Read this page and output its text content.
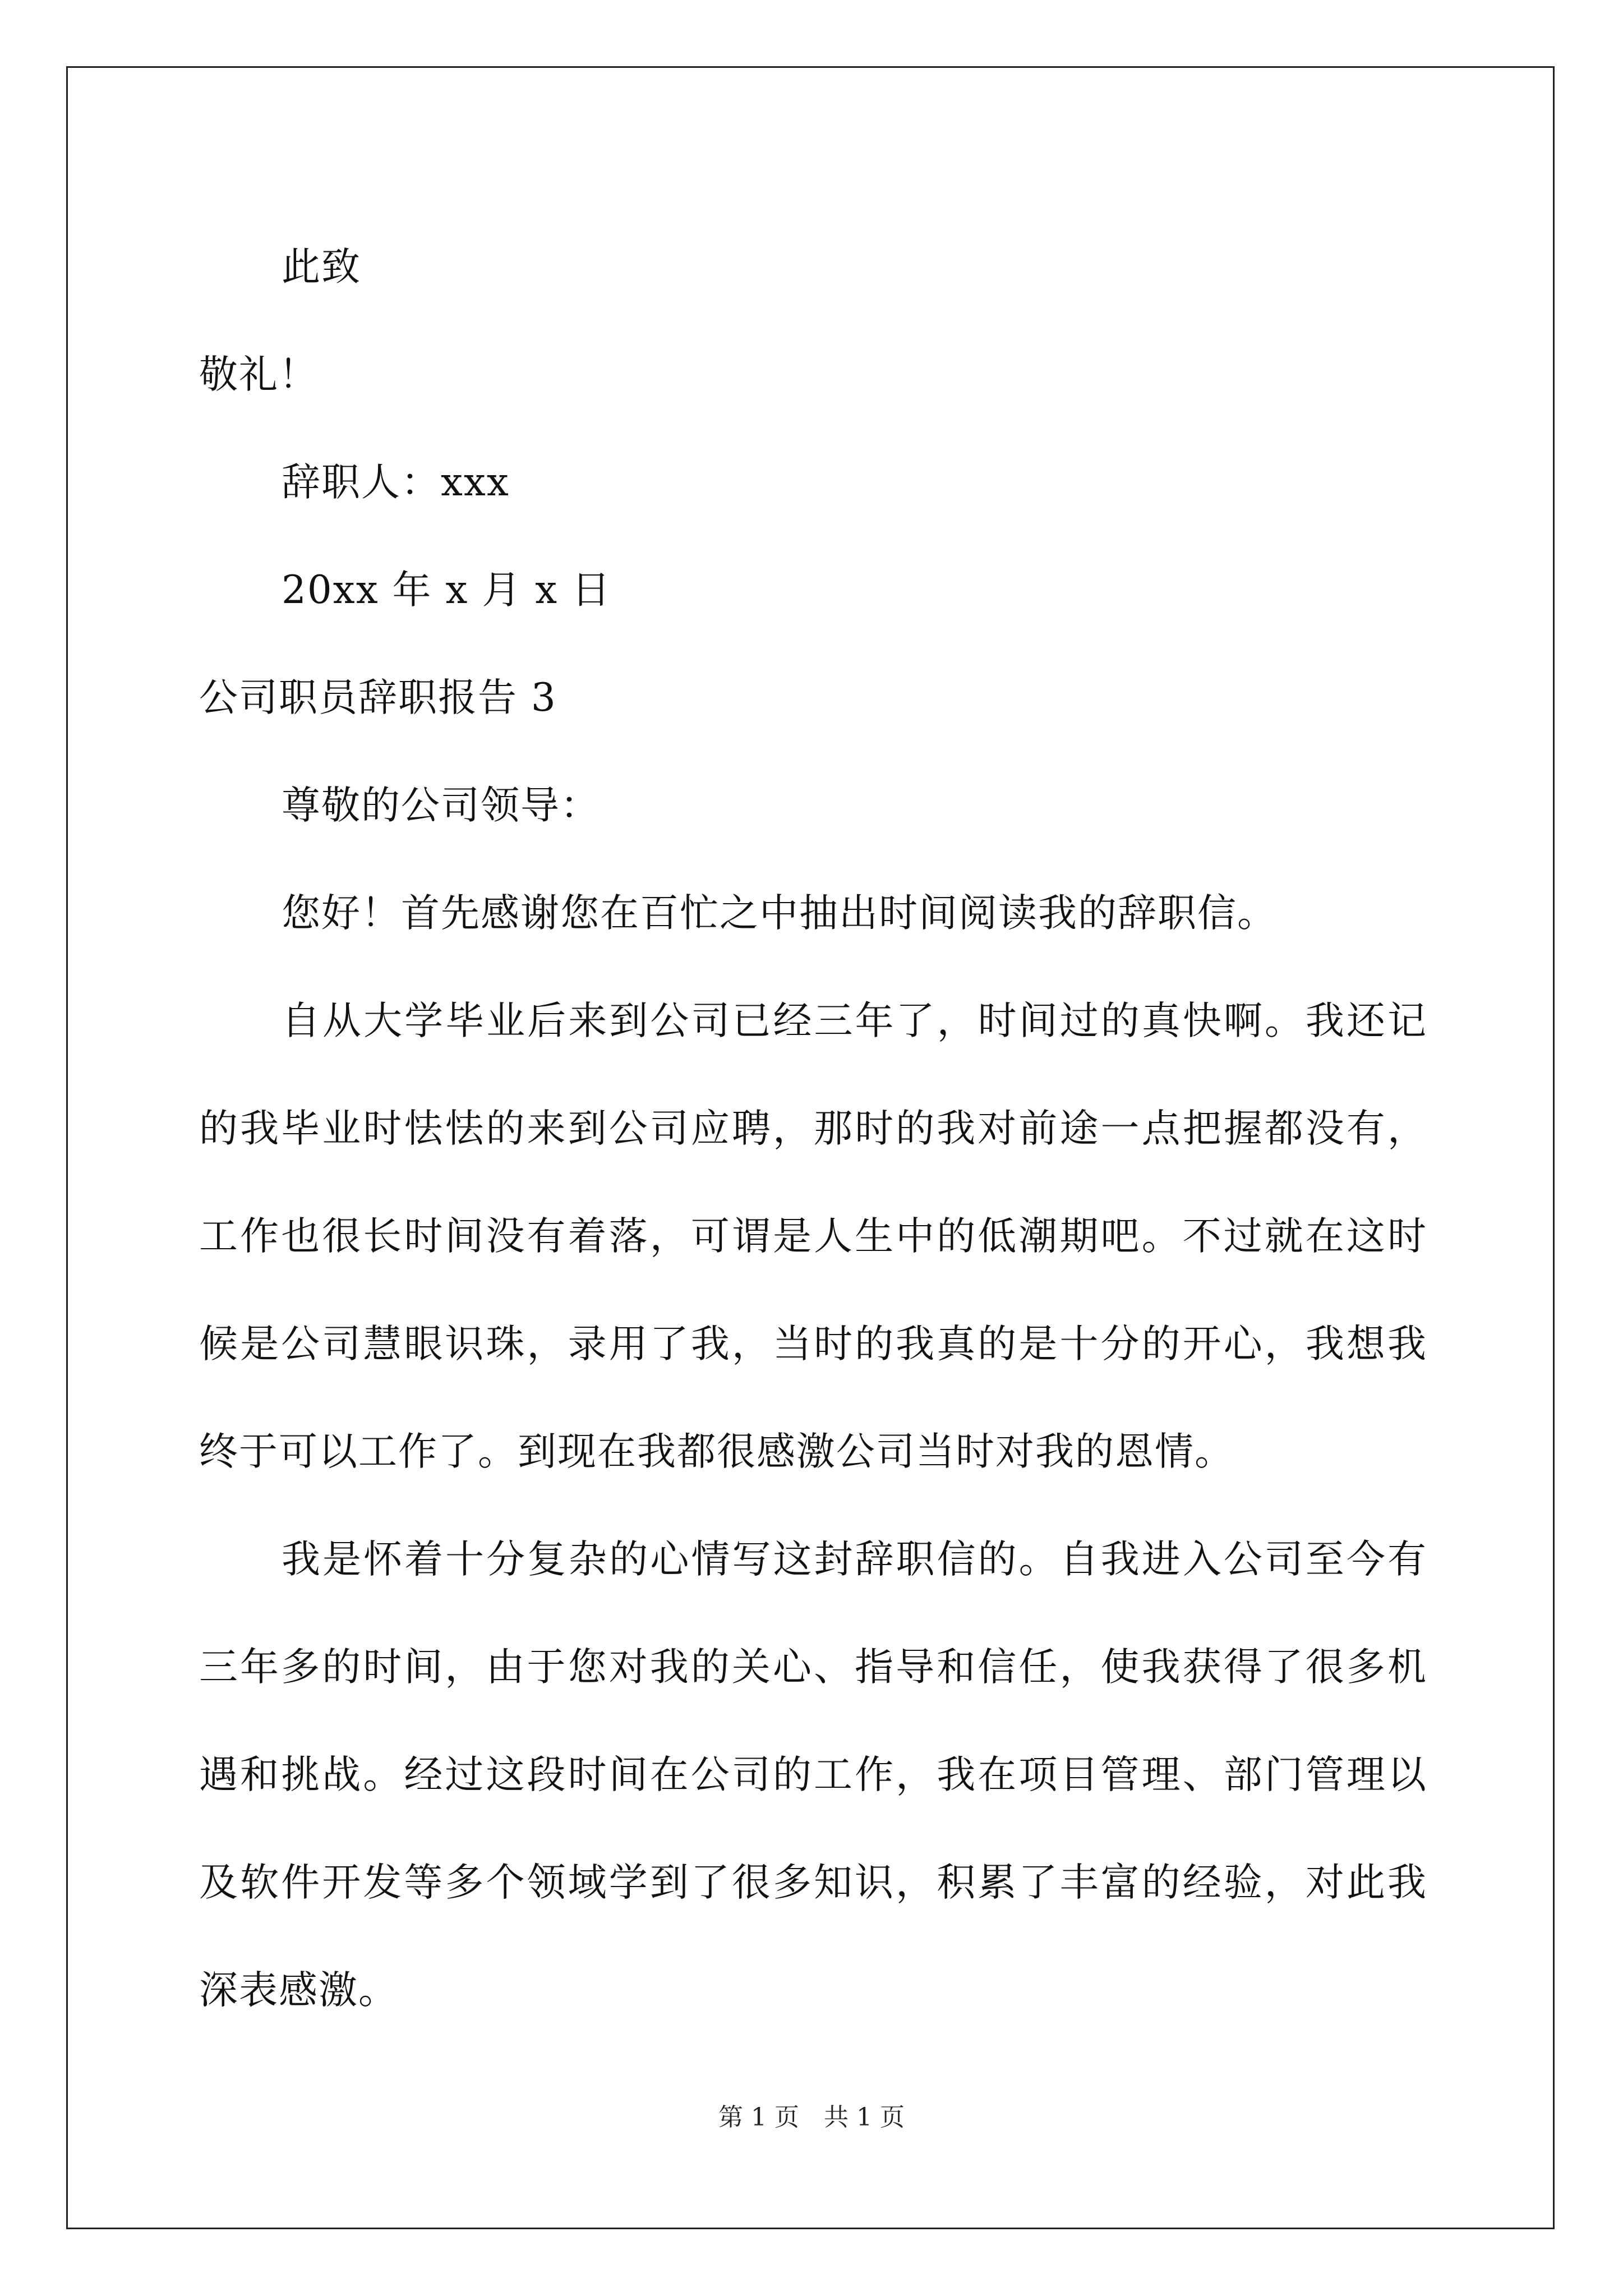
此致
敬礼！
辞职人：xxx
20xx 年 x 月 x 日
公司职员辞职报告 3
尊敬的公司领导：

您好！首先感谢您在百忙之中抽出时间阅读我的辞职信。

自从大学毕业后来到公司已经三年了，时间过的真快啊。我还记的我毕业时怯怯的来到公司应聘，那时的我对前途一点把握都没有，工作也很长时间没有着落，可谓是人生中的低潮期吧。不过就在这时候是公司慧眼识珠，录用了我，当时的我真的是十分的开心，我想我终于可以工作了。到现在我都很感激公司当时对我的恩情。

我是怀着十分复杂的心情写这封辞职信的。自我进入公司至今有三年多的时间，由于您对我的关心、指导和信任，使我获得了很多机遇和挑战。经过这段时间在公司的工作，我在项目管理、部门管理以及软件开发等多个领域学到了很多知识，积累了丰富的经验，对此我深表感激。

第 1 页　共 1 页
